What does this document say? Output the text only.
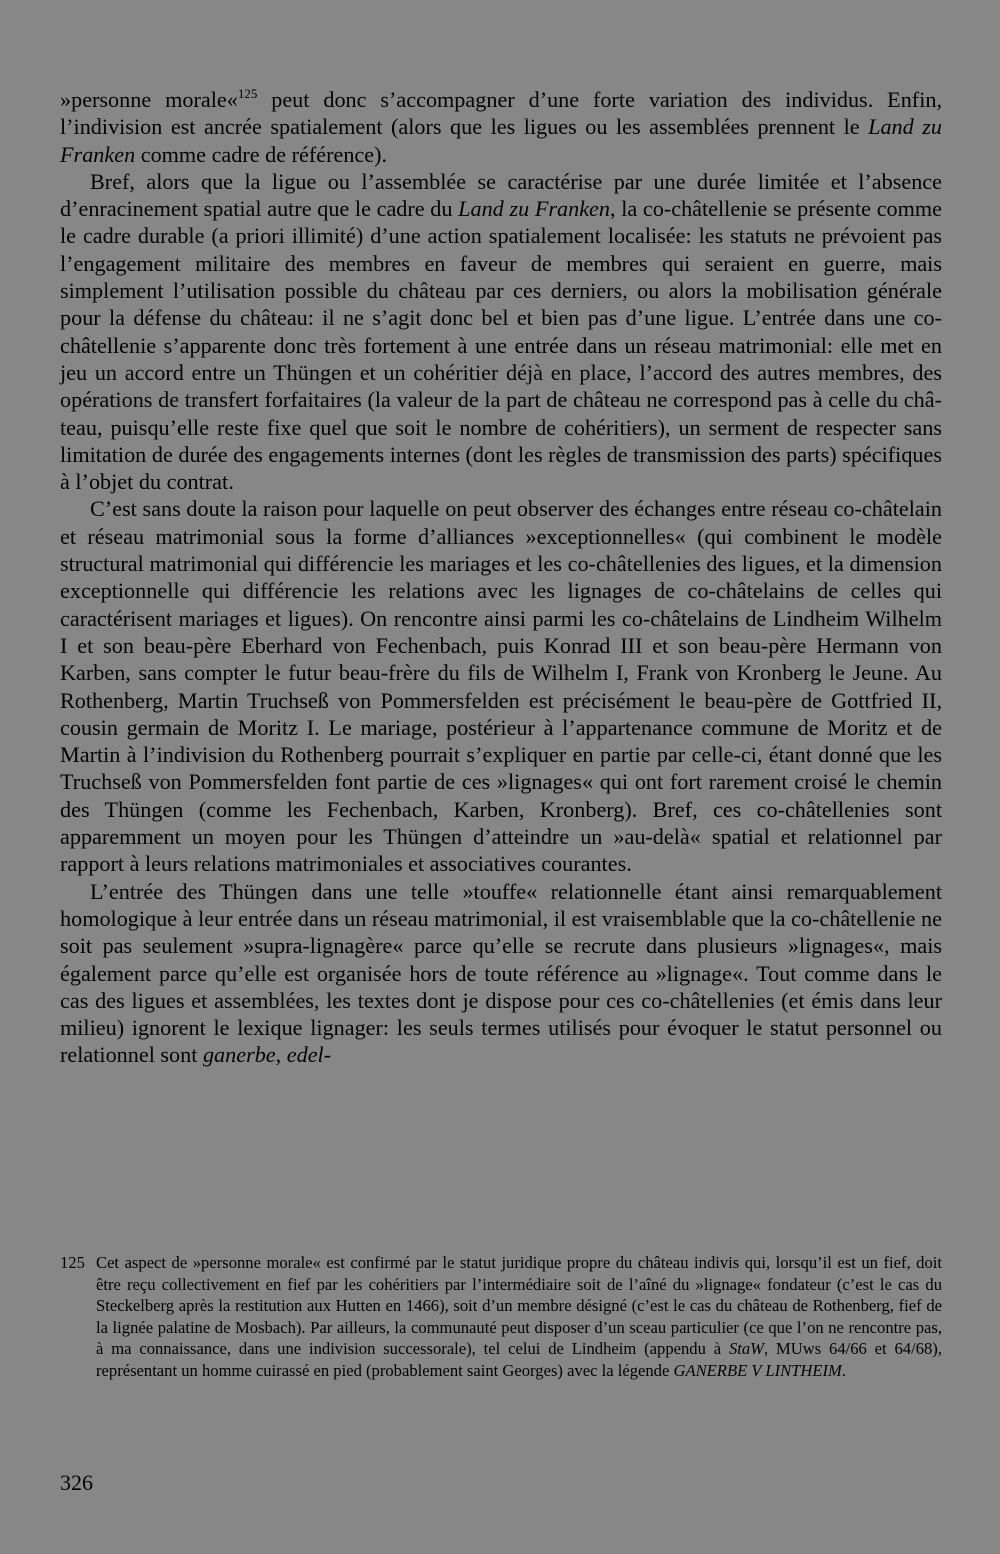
»personne morale«$^{125}$ peut donc s’accompagner d’une forte variation des individus. Enfin, l’indivision est ancrée spatialement (alors que les ligues ou les assemblées prennent le Land zu Franken comme cadre de référence).

Bref, alors que la ligue ou l’assemblée se caractérise par une durée limitée et l’absence d’enracinement spatial autre que le cadre du Land zu Franken, la co-châtellenie se présente comme le cadre durable (a priori illimité) d’une action spatialement localisée: les statuts ne prévoient pas l’engagement militaire des membres en faveur de membres qui seraient en guerre, mais simplement l’utilisation possible du château par ces derniers, ou alors la mobilisation générale pour la défense du château: il ne s’agit donc bel et bien pas d’une ligue. L’entrée dans une co-châtellenie s’apparente donc très fortement à une entrée dans un réseau matrimonial: elle met en jeu un accord entre un Thüngen et un cohéritier déjà en place, l’accord des autres membres, des opérations de transfert forfaitaires (la valeur de la part de château ne correspond pas à celle du château, puisqu’elle reste fixe quel que soit le nombre de cohéritiers), un serment de respecter sans limitation de durée des engagements internes (dont les règles de transmission des parts) spécifiques à l’objet du contrat.

C’est sans doute la raison pour laquelle on peut observer des échanges entre réseau co-châtelain et réseau matrimonial sous la forme d’alliances »exceptionnelles« (qui combinent le modèle structural matrimonial qui différencie les mariages et les co-châtellenies des ligues, et la dimension exceptionnelle qui différencie les relations avec les lignages de co-châtelains de celles qui caractérisent mariages et ligues). On rencontre ainsi parmi les co-châtelains de Lindheim Wilhelm I et son beau-père Eberhard von Fechenbach, puis Konrad III et son beau-père Hermann von Karben, sans compter le futur beau-frère du fils de Wilhelm I, Frank von Kronberg le Jeune. Au Rothenberg, Martin Truchseß von Pommersfelden est précisément le beau-père de Gottfried II, cousin germain de Moritz I. Le mariage, postérieur à l’appartenance commune de Moritz et de Martin à l’indivision du Rothenberg pourrait s’expliquer en partie par celle-ci, étant donné que les Truchseß von Pommersfelden font partie de ces »lignages« qui ont fort rarement croisé le chemin des Thüngen (comme les Fechenbach, Karben, Kronberg). Bref, ces co-châtellenies sont apparemment un moyen pour les Thüngen d’atteindre un »au-delà« spatial et relationnel par rapport à leurs relations matrimoniales et associatives courantes.

L’entrée des Thüngen dans une telle »touffe« relationnelle étant ainsi remarquablement homologique à leur entrée dans un réseau matrimonial, il est vraisemblable que la co-châtellenie ne soit pas seulement »supra-lignagère« parce qu’elle se recrute dans plusieurs »lignages«, mais également parce qu’elle est organisée hors de toute référence au »lignage«. Tout comme dans le cas des ligues et assemblées, les textes dont je dispose pour ces co-châtellenies (et émis dans leur milieu) ignorent le lexique lignager: les seuls termes utilisés pour évoquer le statut personnel ou relationnel sont ganerbe, edel-

125 Cet aspect de »personne morale« est confirmé par le statut juridique propre du château indivis qui, lorsqu’il est un fief, doit être reçu collectivement en fief par les cohéritiers par l’intermédiaire soit de l’aîné du »lignage« fondateur (c’est le cas du Steckelberg après la restitution aux Hutten en 1466), soit d’un membre désigné (c’est le cas du château de Rothenberg, fief de la lignée palatine de Mosbach). Par ailleurs, la communauté peut disposer d’un sceau particulier (ce que l’on ne rencontre pas, à ma connaissance, dans une indivision successorale), tel celui de Lindheim (appendu à StaW, MUws 64/66 et 64/68), représentant un homme cuirassé en pied (probablement saint Georges) avec la légende GANERBE V LINTHEIM.
326
